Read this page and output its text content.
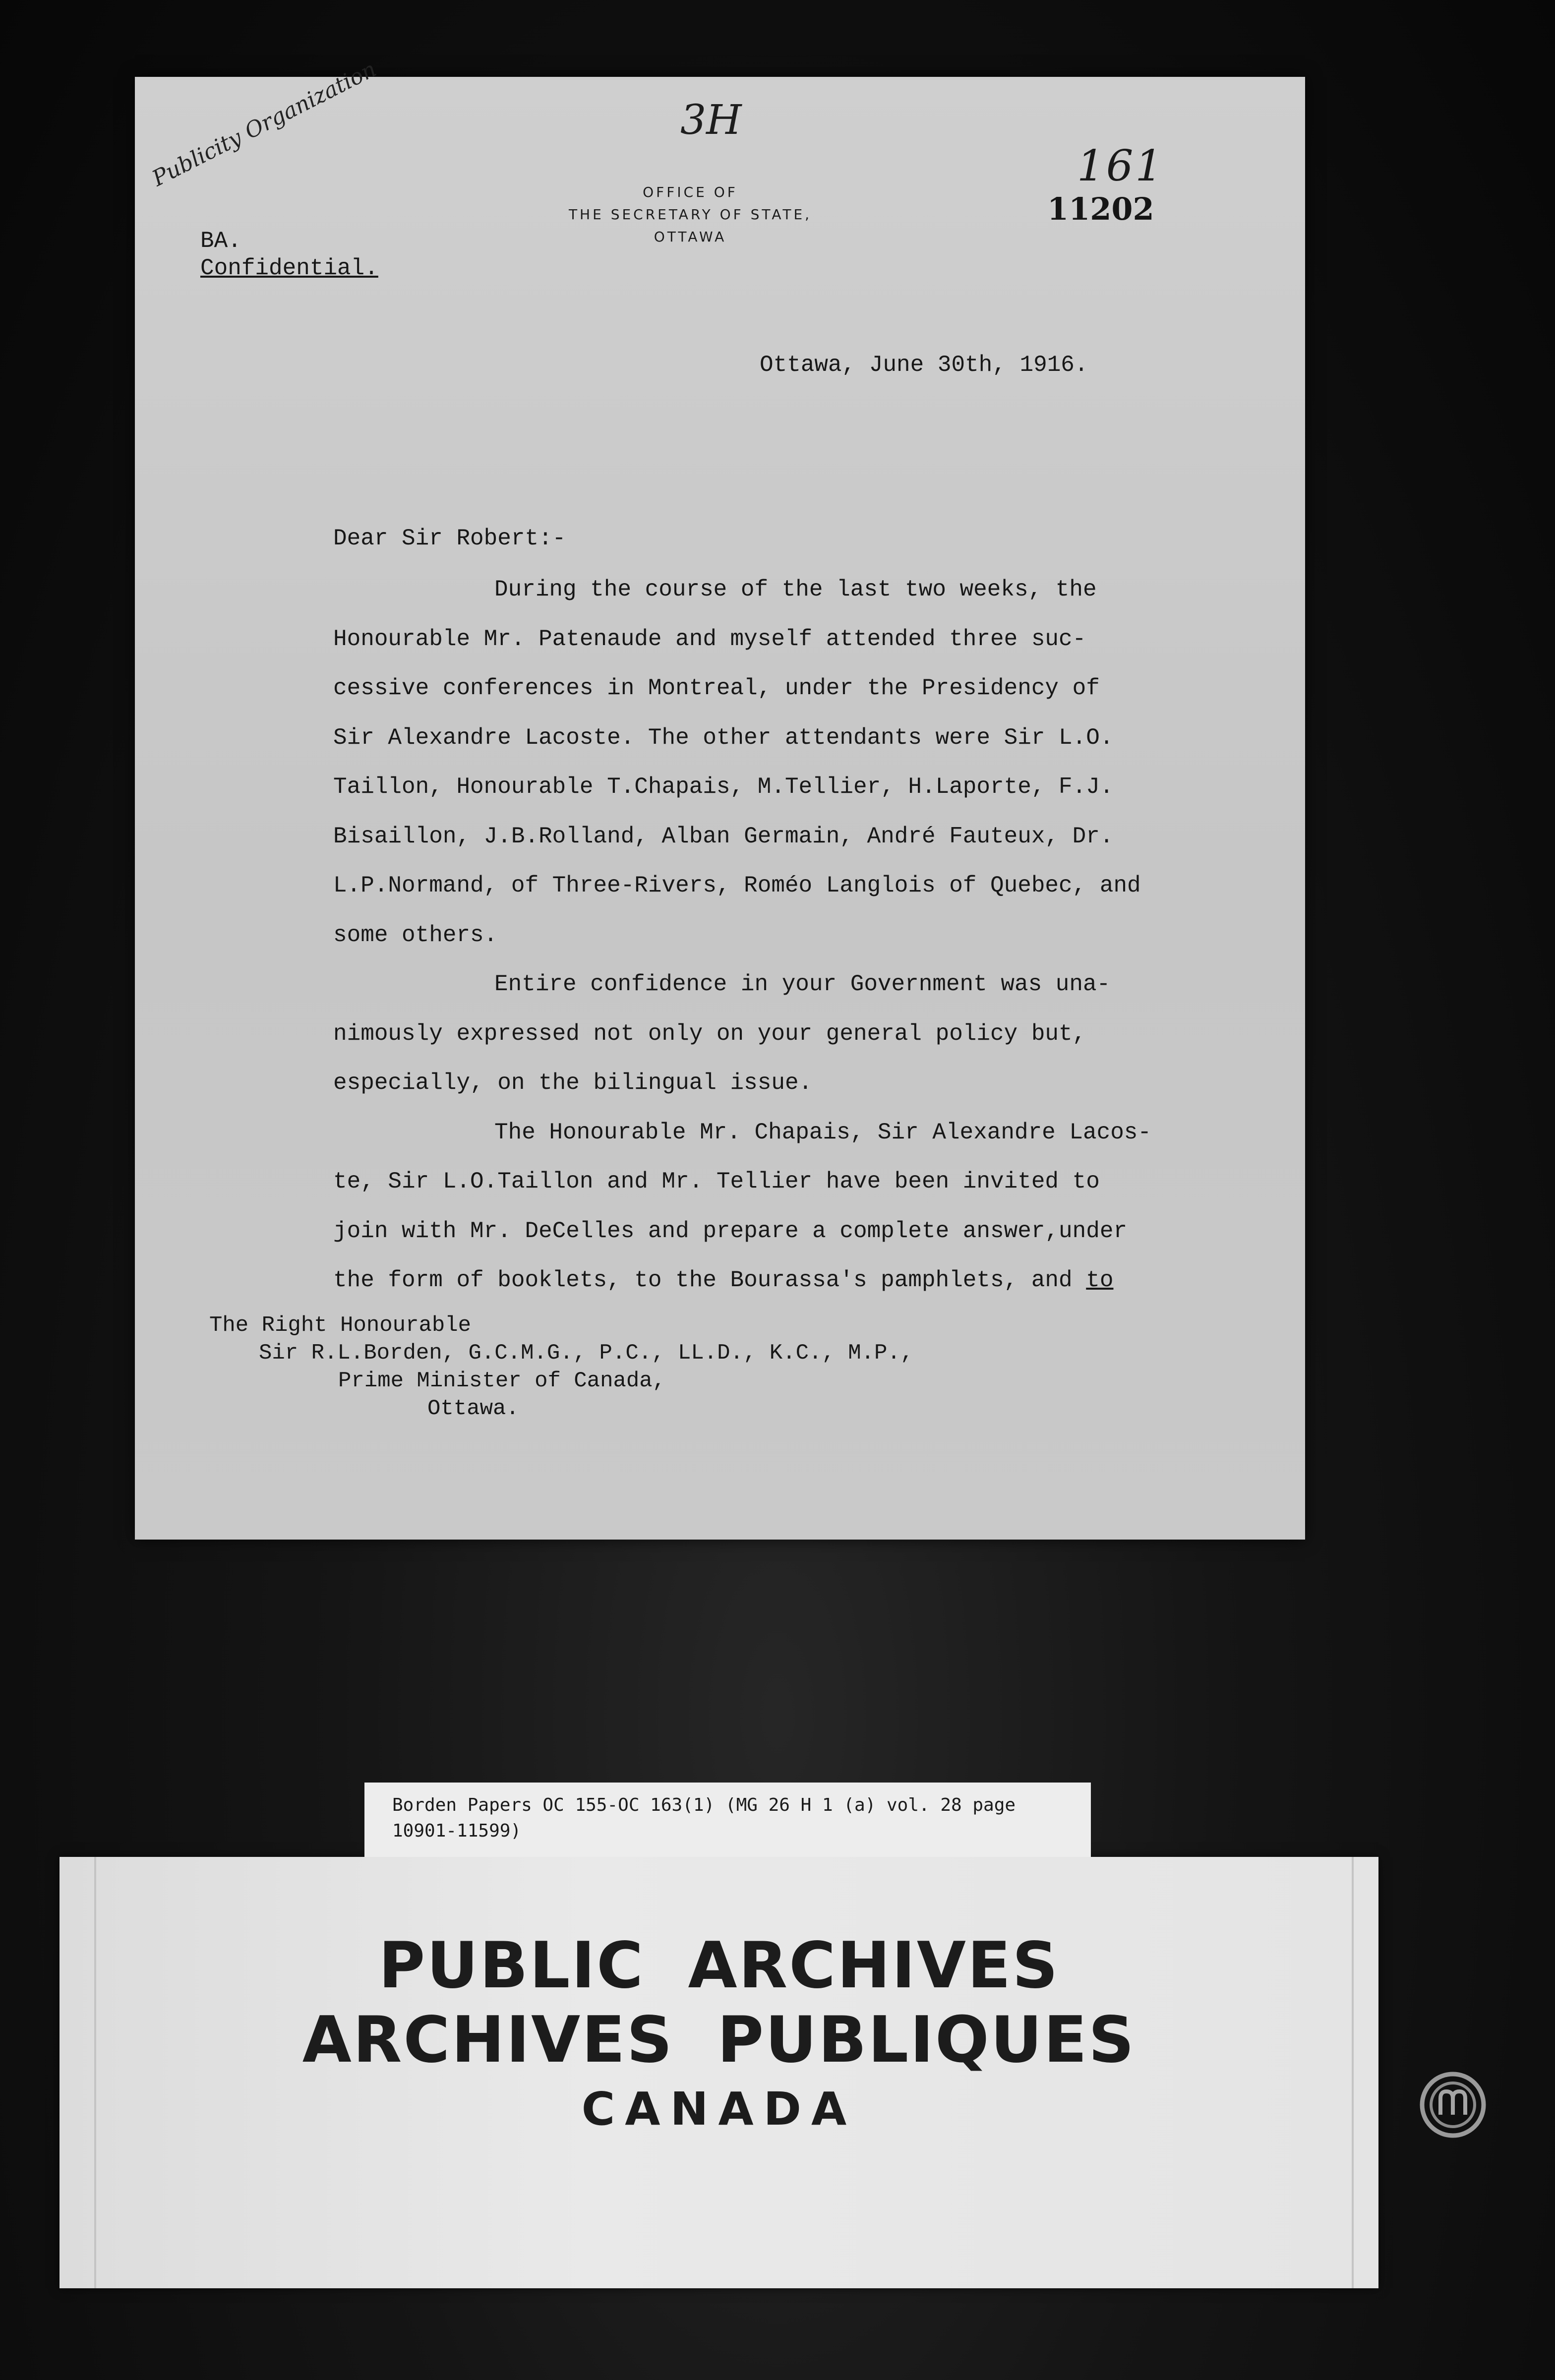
Publicity Organization	3H
161
11202
OFFICE OF
THE SECRETARY OF STATE,
OTTAWA
BA.
Confidential.
Ottawa, June 30th, 1916.
Dear Sir Robert:-
During the course of the last two weeks, the
Honourable Mr. Patenaude and myself attended three suc-
cessive conferences in Montreal, under the Presidency of
Sir Alexandre Lacoste. The other attendants were Sir L.O.
Taillon, Honourable T.Chapais, M.Tellier, H.Laporte, F.J.
Bisaillon, J.B.Rolland, Alban Germain, André Fauteux, Dr.
L.P.Normand, of Three-Rivers, Roméo Langlois of Quebec, and
some others.
Entire confidence in your Government was una-
nimously expressed not only on your general policy but,
especially, on the bilingual issue.
The Honourable Mr. Chapais, Sir Alexandre Lacos-
te, Sir L.O.Taillon and Mr. Tellier have been invited to
join with Mr. DeCelles and prepare a complete answer,under
the form of booklets, to the Bourassa's pamphlets, and to
The Right Honourable
Sir R.L.Borden, G.C.M.G., P.C., LL.D., K.C., M.P.,
Prime Minister of Canada,
Ottawa.
Borden Papers OC 155-OC 163(1) (MG 26 H 1 (a) vol. 28 page
10901-11599)
PUBLIC ARCHIVES
ARCHIVES PUBLIQUES
CANADA
